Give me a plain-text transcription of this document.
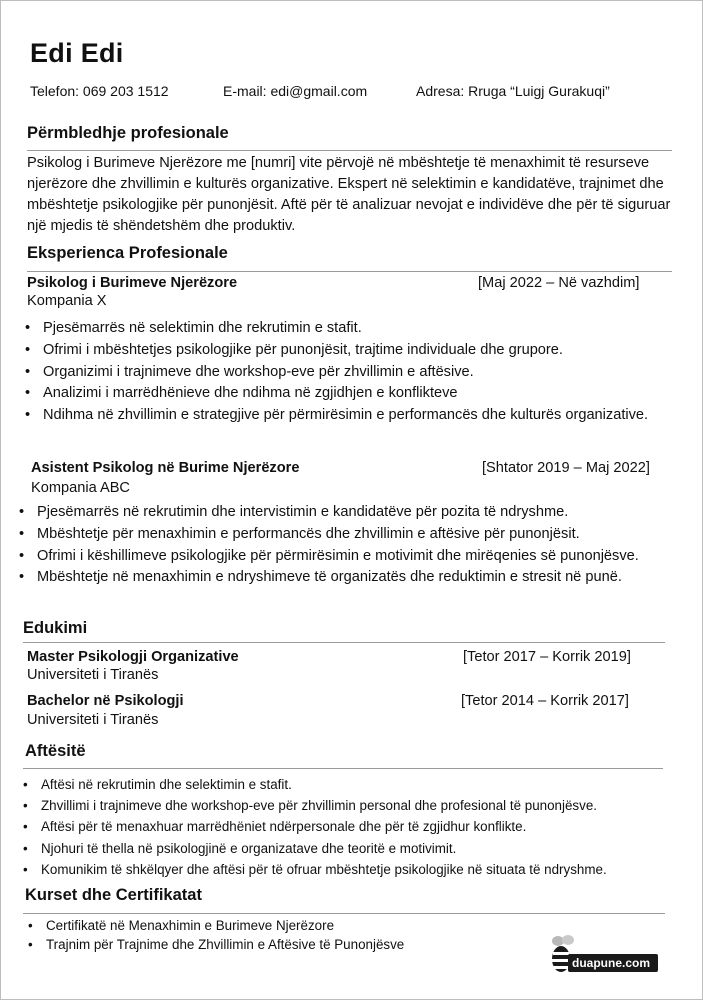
Edi Edi
Telefon: 069 203 1512	E-mail: edi@gmail.com	Adresa: Rruga “Luigj Gurakuqi”
Përmbledhje profesionale
Psikolog i Burimeve Njerëzore me [numri] vite përvojë në mbështetje të menaxhimit të resurseve njerëzore dhe zhvillimin e kulturës organizative. Ekspert në selektimin e kandidatëve, trajnimet dhe mbështetje psikologjike për punonjësit. Aftë për të analizuar nevojat e individëve dhe për të siguruar një mjedis të shëndetshëm dhe produktiv.
Eksperienca Profesionale
Psikolog i Burimeve Njerëzore	[Maj 2022 – Në vazhdim]
Kompania X
• Pjesëmarrës në selektimin dhe rekrutimin e stafit.
• Ofrimi i mbështetjes psikologjike për punonjësit, trajtime individuale dhe grupore.
• Organizimi i trajnimeve dhe workshop-eve për zhvillimin e aftësive.
• Analizimi i marrëdhënieve dhe ndihma në zgjidhjen e konfliktеve
• Ndihma në zhvillimin e strategjive për përmirësimin e performancës dhe kulturës organizative.
Asistent Psikolog në Burime Njerëzore	[Shtator 2019 – Maj 2022]
Kompania ABC
• Pjesëmarrës në rekrutimin dhe intervistimin e kandidatëve për pozita të ndryshme.
• Mbështetje për menaxhimin e performancës dhe zhvillimin e aftësive për punonjësit.
• Ofrimi i këshillimeve psikologjike për përmirësimin e motivimit dhe mirëqenies së punonjësve.
• Mbështetje në menaxhimin e ndryshimeve të organizatës dhe reduktimin e stresit në punë.
Edukimi
Master Psikologji Organizative	[Tetor 2017 – Korrik 2019]
Universiteti i Tiranës
Bachelor në Psikologji	[Tetor 2014 – Korrik 2017]
Universiteti i Tiranës
Aftësitë
• Aftësi në rekrutimin dhe selektimin e stafit.
• Zhvillimi i trajnimeve dhe workshop-eve për zhvillimin personal dhe profesional të punonjësve.
• Aftësi për të menaxhuar marrëdhëniet ndërpersonale dhe për të zgjidhur konflikte.
• Njohuri të thella në psikologjinë e organizatave dhe teoritë e motivimit.
• Komunikim të shkëlqyer dhe aftësi për të ofruar mbështetje psikologjike në situata të ndryshme.
Kurset dhe Certifikatat
• Certifikatë në Menaxhimin e Burimeve Njerëzore
• Trajnim për Trajnime dhe Zhvillimin e Aftësive të Punonjësve
duapune.com
